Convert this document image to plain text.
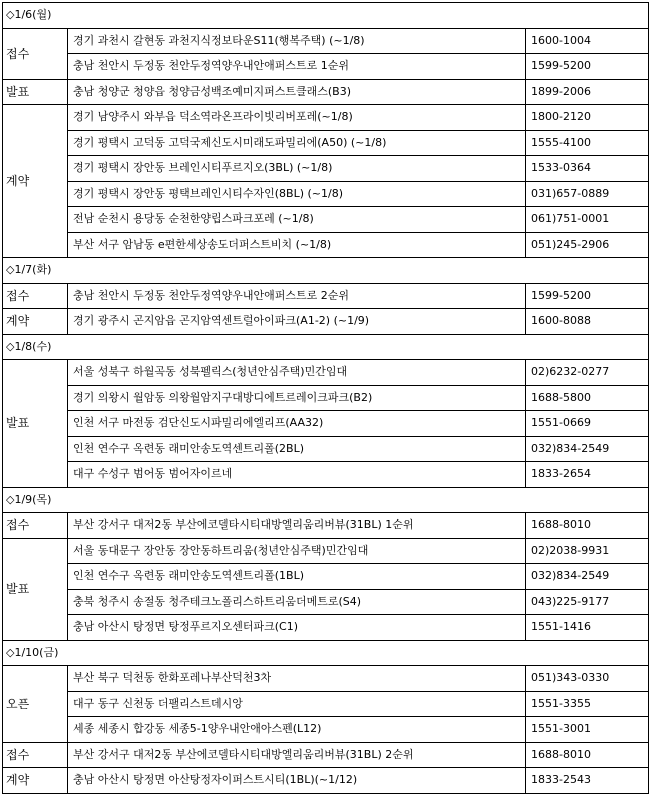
◇1/6(월)		
접수	경기 과천시 갈현동 과천지식정보타운S11(행복주택) (~1/8)	1600-1004
	충남 천안시 두정동 천안두정역양우내안애퍼스트로 1순위	1599-5200
발표	충남 청양군 청양읍 청양금성백조예미지퍼스트클래스(B3)	1899-2006
계약	경기 남양주시 와부읍 덕소역라온프라이빗리버포레(~1/8)	1800-2120
	경기 평택시 고덕동 고덕국제신도시미래도파밀리에(A50) (~1/8)	1555-4100
	경기 평택시 장안동 브레인시티푸르지오(3BL) (~1/8)	1533-0364
	경기 평택시 장안동 평택브레인시티수자인(8BL) (~1/8)	031)657-0889
	전남 순천시 용당동 순천한양립스파크포레 (~1/8)	061)751-0001
	부산 서구 암남동 e편한세상송도더퍼스트비치 (~1/8)	051)245-2906
◇1/7(화)		
접수	충남 천안시 두정동 천안두정역양우내안애퍼스트로 2순위	1599-5200
계약	경기 광주시 곤지암읍 곤지암역센트럴아이파크(A1-2) (~1/9)	1600-8088
◇1/8(수)		
발표	서울 성북구 하월곡동 성북펠릭스(청년안심주택)민간임대	02)6232-0277
	경기 의왕시 월암동 의왕월암지구대방디에트르레이크파크(B2)	1688-5800
	인천 서구 마전동 검단신도시파밀리에엘리프(AA32)	1551-0669
	인천 연수구 옥련동 래미안송도역센트리폴(2BL)	032)834-2549
	대구 수성구 범어동 범어자이르네	1833-2654
◇1/9(목)		
접수	부산 강서구 대저2동 부산에코델타시티대방엘리움리버뷰(31BL) 1순위	1688-8010
발표	서울 동대문구 장안동 장안동하트리움(청년안심주택)민간임대	02)2038-9931
	인천 연수구 옥련동 래미안송도역센트리폴(1BL)	032)834-2549
	충북 청주시 송절동 청주테크노폴리스하트리움더메트로(S4)	043)225-9177
	충남 아산시 탕정면 탕정푸르지오센터파크(C1)	1551-1416
◇1/10(금)		
오픈	부산 북구 덕천동 한화포레나부산덕천3차	051)343-0330
	대구 동구 신천동 더팰리스트데시앙	1551-3355
	세종 세종시 합강동 세종5-1양우내안애아스펜(L12)	1551-3001
접수	부산 강서구 대저2동 부산에코델타시티대방엘리움리버뷰(31BL) 2순위	1688-8010
계약	충남 아산시 탕정면 아산탕정자이퍼스트시티(1BL)(~1/12)	1833-2543
